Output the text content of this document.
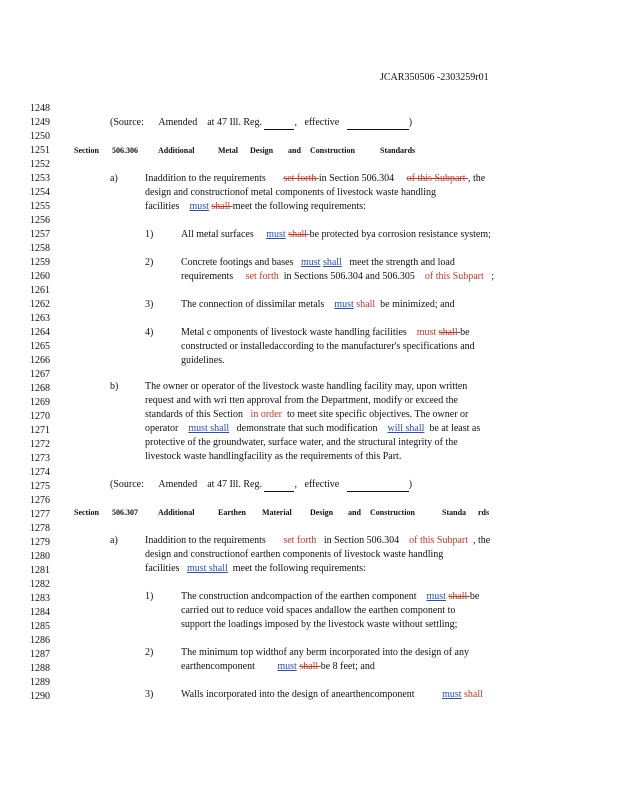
JCAR350506 -2303259r01
1248
1249
1250
1251
1252
1253
1254
1255
1256
1257
1258
1259
1260
1261
1262
1263
1264
1265
1266
1267
1268
1269
1270
1271
1272
1273
1274
1275
1276
1277
1278
1279
1280
1281
1282
1283
1284
1285
1286
1287
1288
1289
1290
(Source: Amended at 47 Ill. Reg.	,   effective	)
Section 506.306	Additional	Metal Design and Construction	Standards
a)	Inaddition to the requirements set forth in Section 506.304 of this Subpart , the
design and constructionof metal components of livestock waste handling
facilities must shall meet the following requirements:
1)	All metal surfaces must shall be protected bya corrosion resistance system;
2)	Concrete footings and bases must shall meet the strength and load
requirements set forth in Sections 506.304 and 506.305 of this Subpart ;
3)	The connection of dissimilar metals must shall be minimized; and
4)	Metal c omponents of livestock waste handling facilities must shall be
constructed or installedaccording to the manufacturer's specifications and
guidelines.
b)	The owner or operator of the livestock waste handling facility may, upon written
request and with wri tten approval from the Department, modify or exceed the
standards of this Section in order to meet site specific objectives. The owner or
operator must shall demonstrate that such modification will shall be at least as
protective of the groundwater, surface water, and the structural integrity of the
livestock waste handlingfacility as the requirements of this Part.
(Source: Amended at 47 Ill. Reg.	,   effective	)
Section 506.307	Additional	Earthen Material Design and Construction	Standa rds
a)	Inaddition to the requirements set forth in Section 506.304 of this Subpart , the
design and constructionof earthen components of livestock waste handling
facilities must shall meet the following requirements:
1)	The construction andcompaction of the earthen component must shall be
carried out to reduce void spaces andallow the earthen component to
support the loadings imposed by the livestock waste without settling;
2)	The minimum top widthof any berm incorporated into the design of any
earthencomponent must shall be 8 feet; and
3)	Walls incorporated into the design of anearthencomponent	must shall
